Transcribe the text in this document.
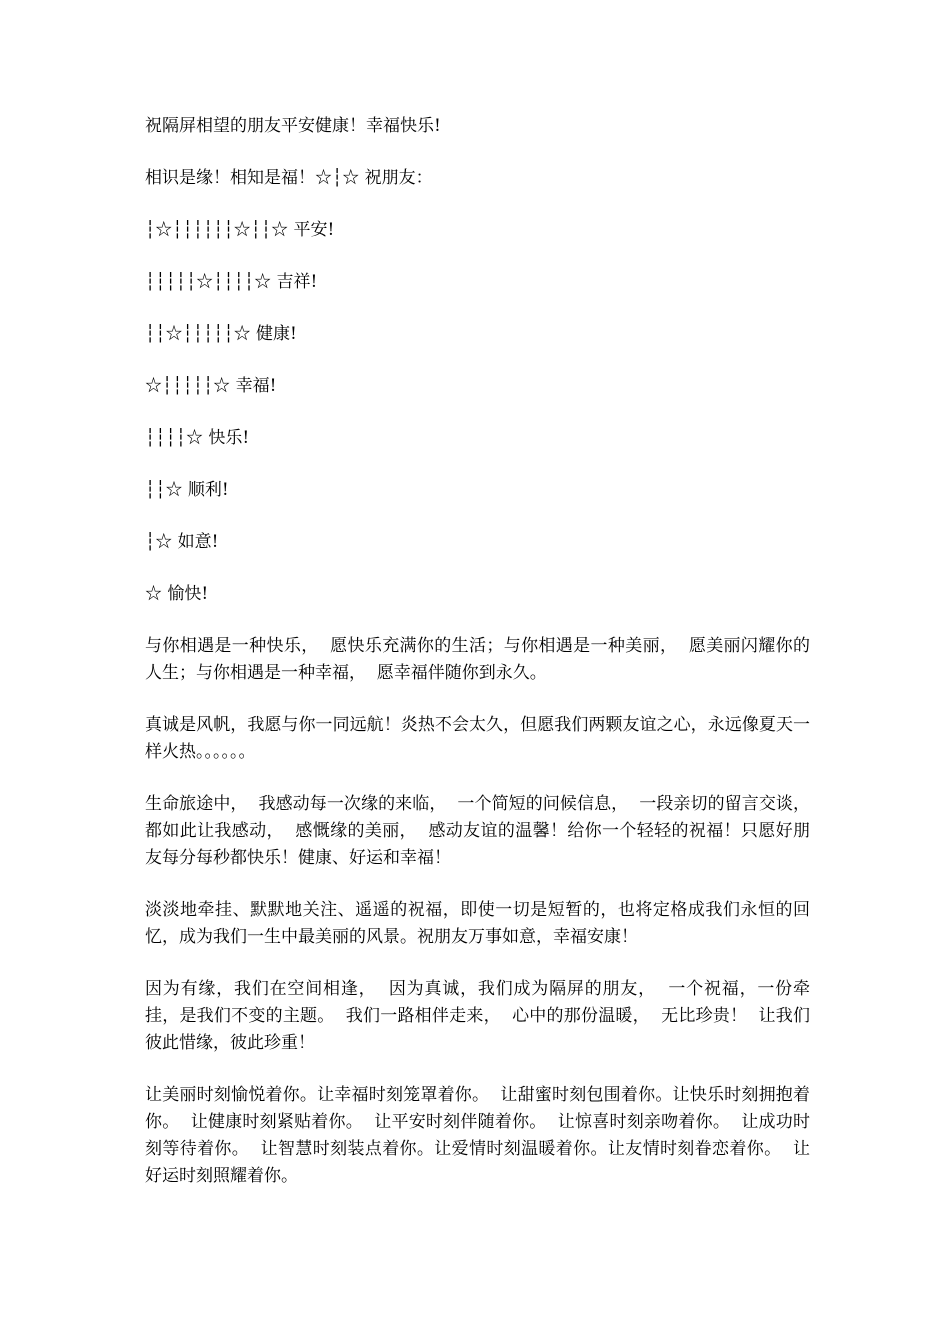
祝隔屏相望的朋友平安健康！幸福快乐!

相识是缘！相知是福！☆┆☆ 祝朋友：

┆☆┆┆┆┆┆┆☆┆┆☆ 平安!

┆┆┆┆┆☆┆┆┆┆☆ 吉祥!

┆┆☆┆┆┆┆┆☆ 健康!

☆┆┆┆┆┆☆ 幸福!

┆┆┆┆☆ 快乐!

┆┆☆ 顺利!

┆☆ 如意!

☆ 愉快!

与你相遇是一种快乐，  愿快乐充满你的生活；与你相遇是一种美丽，  愿美丽闪耀你的人生；与你相遇是一种幸福，  愿幸福伴随你到永久。

真诚是风帆，我愿与你一同远航！炎热不会太久，但愿我们两颗友谊之心，永远像夏天一样火热。。。。。。

生命旅途中，  我感动每一次缘的来临，  一个简短的问候信息，  一段亲切的留言交谈，  都如此让我感动，  感慨缘的美丽，  感动友谊的温馨！给你一个轻轻的祝福！只愿好朋友每分每秒都快乐！健康、好运和幸福！

淡淡地牵挂、默默地关注、遥遥的祝福，即使一切是短暂的，也将定格成我们永恒的回忆，成为我们一生中最美丽的风景。祝朋友万事如意，幸福安康！

因为有缘，我们在空间相逢，  因为真诚，我们成为隔屏的朋友，  一个祝福，一份牵挂，是我们不变的主题。  我们一路相伴走来，  心中的那份温暖，  无比珍贵！  让我们彼此惜缘，彼此珍重！

让美丽时刻愉悦着你。让幸福时刻笼罩着你。  让甜蜜时刻包围着你。让快乐时刻拥抱着你。  让健康时刻紧贴着你。  让平安时刻伴随着你。  让惊喜时刻亲吻着你。  让成功时刻等待着你。  让智慧时刻装点着你。让爱情时刻温暖着你。让友情时刻眷恋着你。  让好运时刻照耀着你。
